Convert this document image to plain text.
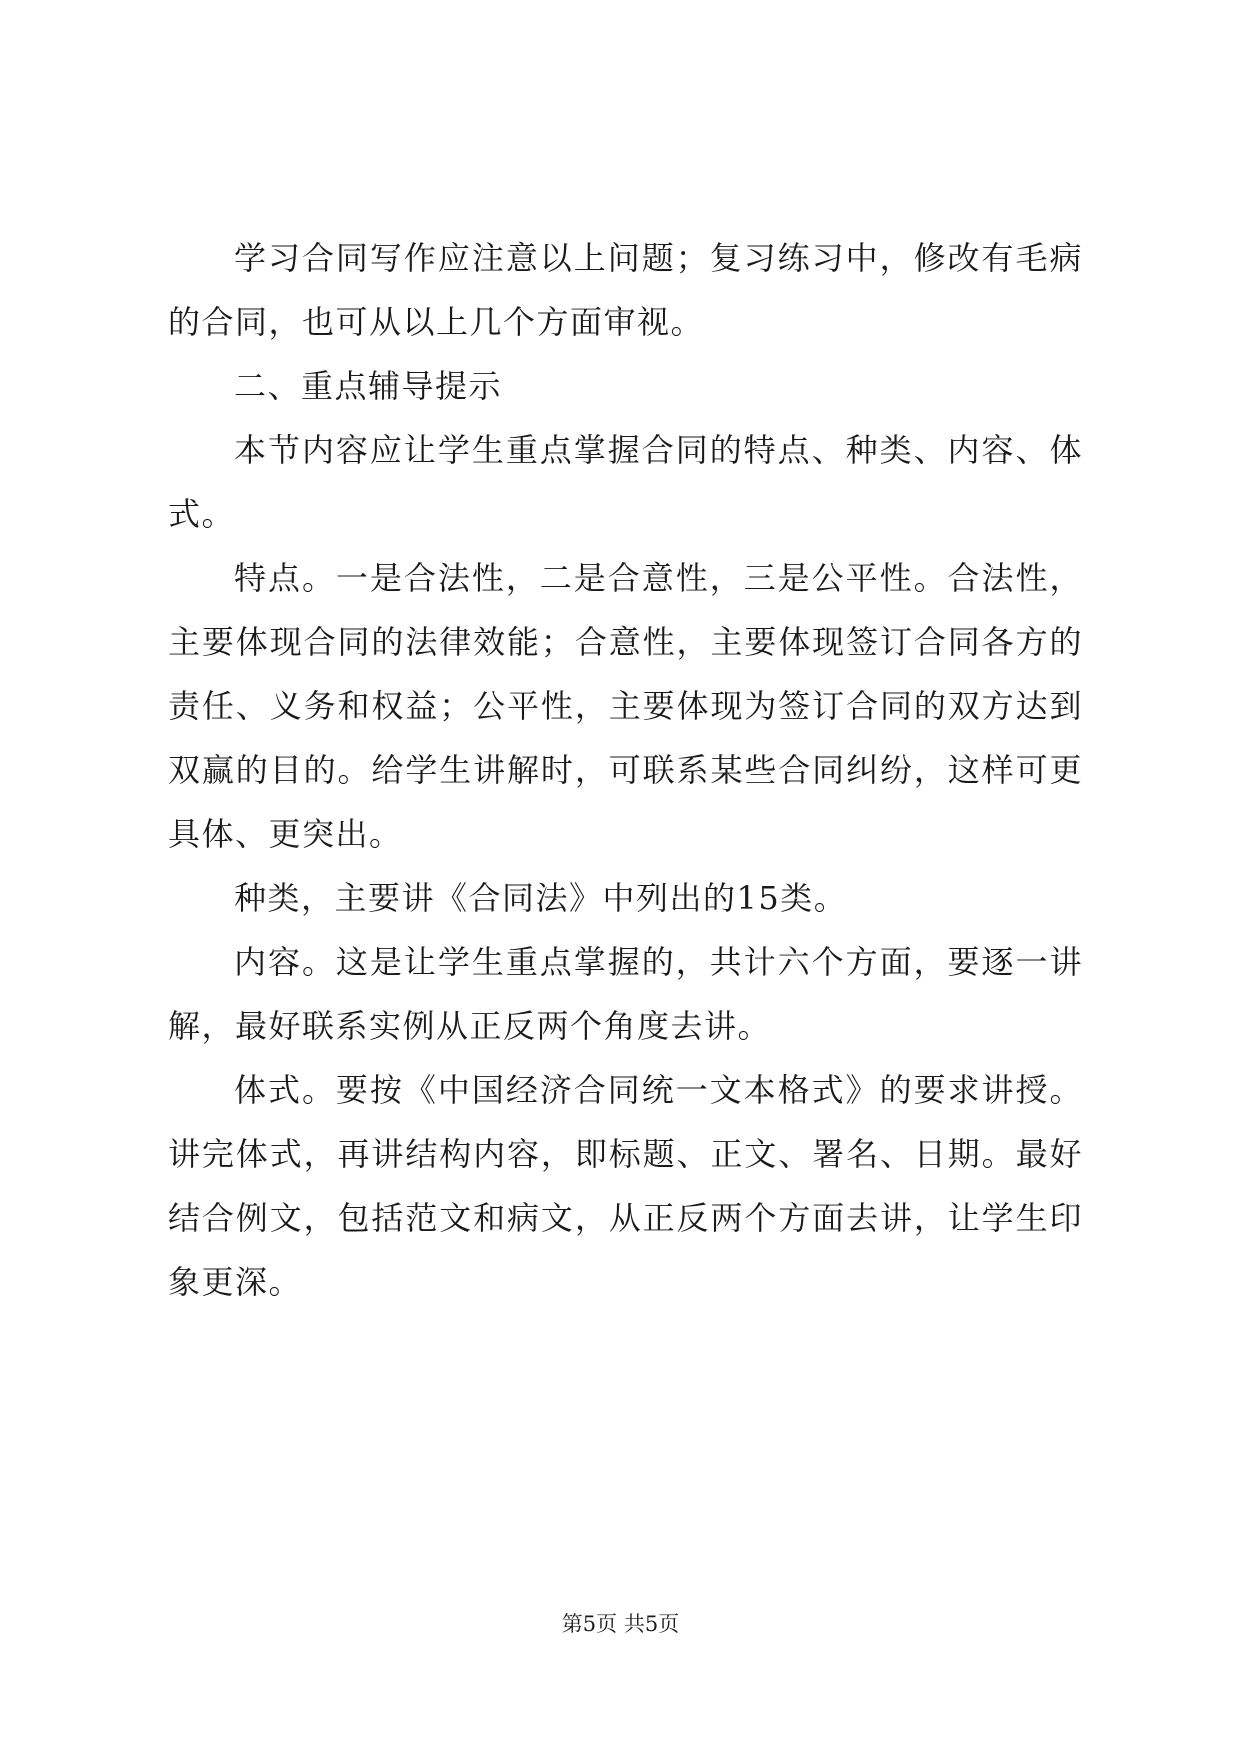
学习合同写作应注意以上问题；复习练习中，修改有毛病的合同，也可从以上几个方面审视。

二、重点辅导提示

本节内容应让学生重点掌握合同的特点、种类、内容、体式。

特点。一是合法性，二是合意性，三是公平性。合法性，主要体现合同的法律效能；合意性，主要体现签订合同各方的责任、义务和权益；公平性，主要体现为签订合同的双方达到双赢的目的。给学生讲解时，可联系某些合同纠纷，这样可更具体、更突出。

种类，主要讲《合同法》中列出的15类。

内容。这是让学生重点掌握的，共计六个方面，要逐一讲解，最好联系实例从正反两个角度去讲。

体式。要按《中国经济合同统一文本格式》的要求讲授。讲完体式，再讲结构内容，即标题、正文、署名、日期。最好结合例文，包括范文和病文，从正反两个方面去讲，让学生印象更深。

第5页 共5页
